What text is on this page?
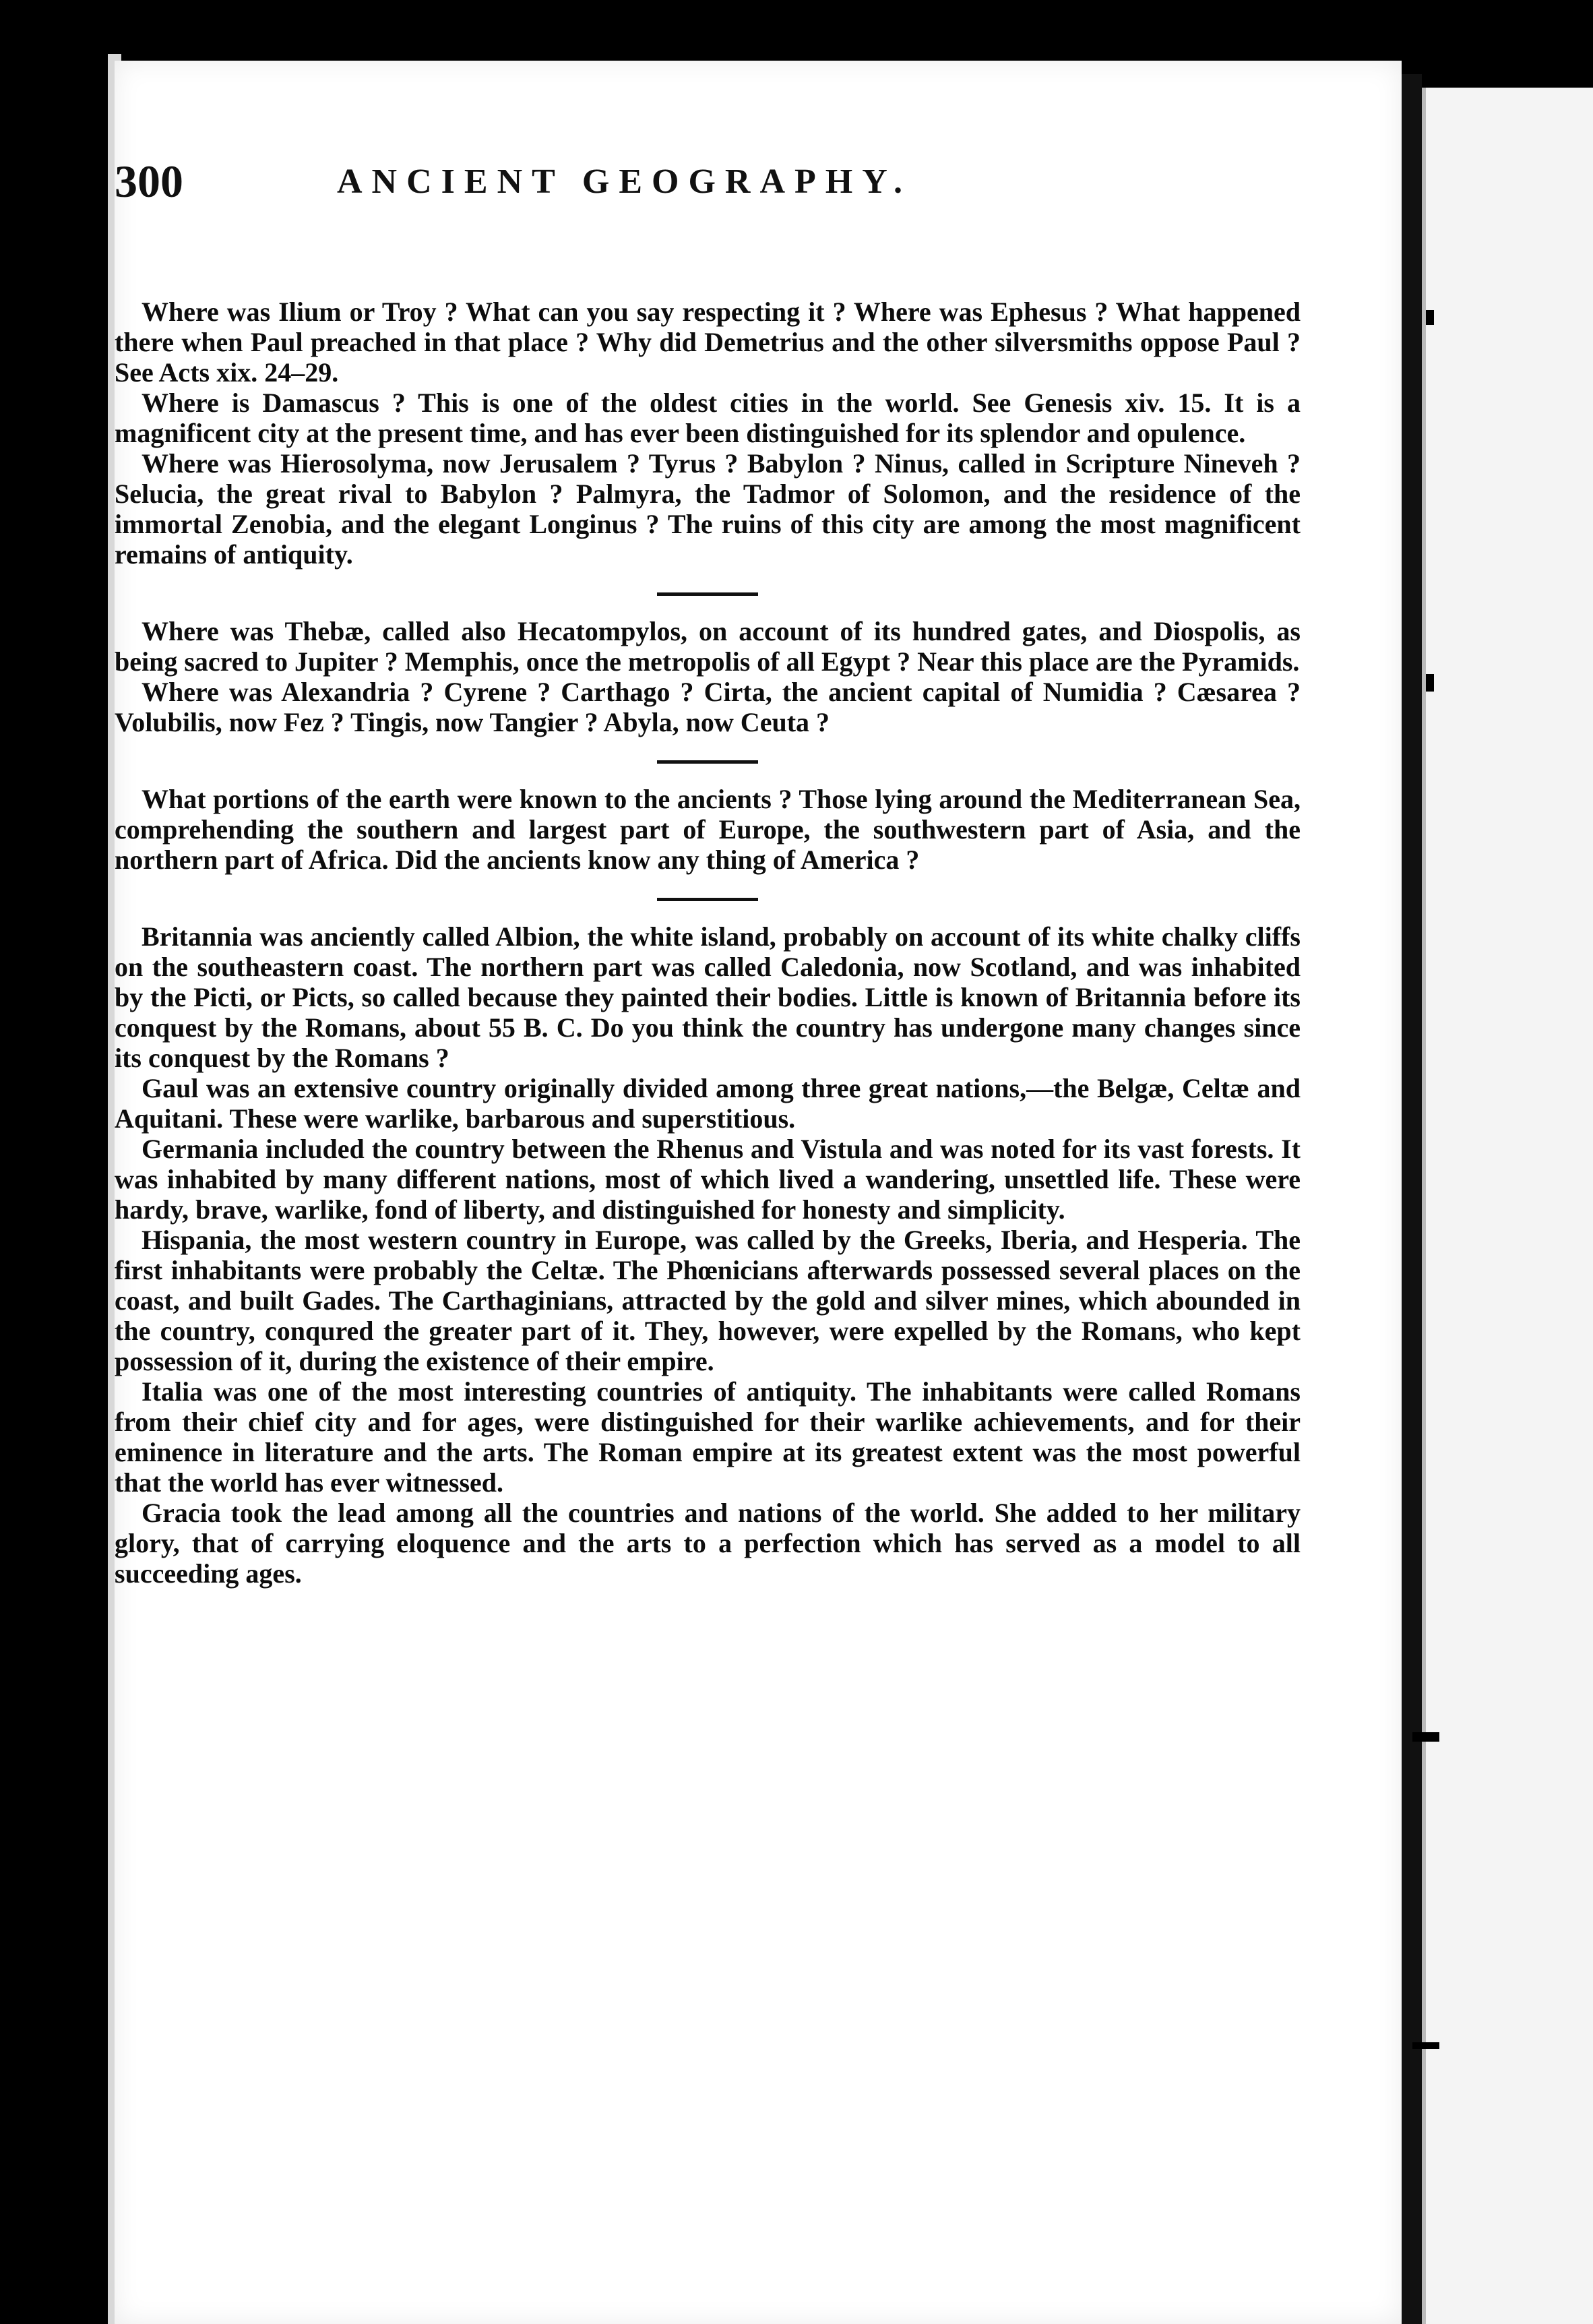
300	ANCIENT GEOGRAPHY.

Where was Ilium or Troy ? What can you say respecting it ? Where was Ephesus ? What happened there when Paul preached in that place ? Why did Demetrius and the other silversmiths oppose Paul ? See Acts xix. 24–29.

Where is Damascus ? This is one of the oldest cities in the world. See Genesis xiv. 15. It is a magnificent city at the present time, and has ever been distinguished for its splendor and opulence.

Where was Hierosolyma, now Jerusalem ? Tyrus ? Babylon ? Ninus, called in Scripture Nineveh ? Selucia, the great rival to Babylon ? Palmyra, the Tadmor of Solomon, and the residence of the immortal Zenobia, and the elegant Longinus ? The ruins of this city are among the most magnificent remains of antiquity.

Where was Thebæ, called also Hecatompylos, on account of its hundred gates, and Diospolis, as being sacred to Jupiter ? Memphis, once the metropolis of all Egypt ? Near this place are the Pyramids.

Where was Alexandria ? Cyrene ? Carthago ? Cirta, the ancient capital of Numidia ? Cæsarea ? Volubilis, now Fez ? Tingis, now Tangier ? Abyla, now Ceuta ?

What portions of the earth were known to the ancients ? Those lying around the Mediterranean Sea, comprehending the southern and largest part of Europe, the southwestern part of Asia, and the northern part of Africa. Did the ancients know any thing of America ?

Britannia was anciently called Albion, the white island, probably on account of its white chalky cliffs on the southeastern coast. The northern part was called Caledonia, now Scotland, and was inhabited by the Picti, or Picts, so called because they painted their bodies. Little is known of Britannia before its conquest by the Romans, about 55 B. C. Do you think the country has undergone many changes since its conquest by the Romans ?

Gaul was an extensive country originally divided among three great nations,—the Belgæ, Celtæ and Aquitani. These were warlike, barbarous and superstitious.

Germania included the country between the Rhenus and Vistula and was noted for its vast forests. It was inhabited by many different nations, most of which lived a wandering, unsettled life. These were hardy, brave, warlike, fond of liberty, and distinguished for honesty and simplicity.

Hispania, the most western country in Europe, was called by the Greeks, Iberia, and Hesperia. The first inhabitants were probably the Celtæ. The Phœnicians afterwards possessed several places on the coast, and built Gades. The Carthaginians, attracted by the gold and silver mines, which abounded in the country, conqured the greater part of it. They, however, were expelled by the Romans, who kept possession of it, during the existence of their empire.

Italia was one of the most interesting countries of antiquity. The inhabitants were called Romans from their chief city and for ages, were distinguished for their warlike achievements, and for their eminence in literature and the arts. The Roman empire at its greatest extent was the most powerful that the world has ever witnessed.

Gracia took the lead among all the countries and nations of the world. She added to her military glory, that of carrying eloquence and the arts to a perfection which has served as a model to all succeeding ages.
